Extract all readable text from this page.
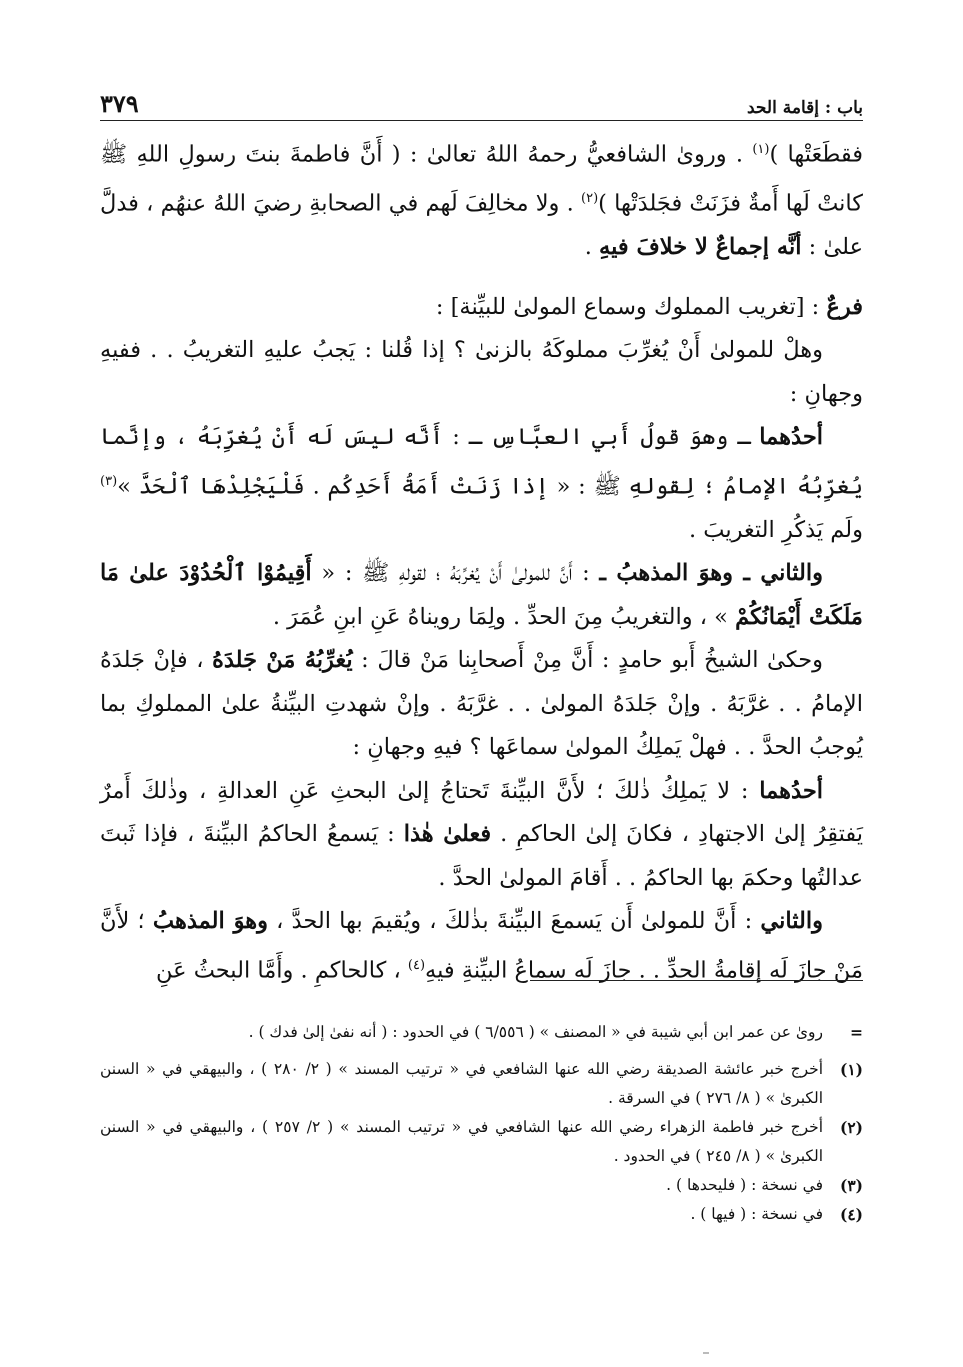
باب : إقامة الحد
٣٧٩

فقطَعَتْها )$^{(١)}$ . وروىٰ الشافعيُّ رحمهُ اللهُ تعالىٰ : ( أَنَّ فاطمةَ بنتَ رسولِ اللهِ ﷺ كانتْ لَها أَمةٌ فزَنَتْ فجَلدَتْها )$^{(٢)}$ . ولا مخالِفَ لَهم في الصحابةِ رضيَ اللهُ عنهُم ، فدلَّ علىٰ : أنَّه إجماعٌ لا خلافَ فيهِ .

فرعٌ : [تغريب المملوك وسماع المولىٰ للبيِّنة] :

وهلْ للمولىٰ أَنْ يُغرِّبَ مملوكَهُ بالزنىٰ ؟ إذا قُلنا : يَجبُ عليهِ التغريبُ . . ففيهِ وجهانِ :

أحدُهما ـ وهوَ قولُ أَبي العبَّاسِ ـ : أَنَّه ليسَ لَه أَنْ يُغرِّبَهُ ، وإنَّما يُغرِّبُهُ الإمامُ ؛ لِقولهِ ﷺ : « إذا زَنَتْ أَمَةُ أَحَدِكُم . فَلْيَجْلِدْهَا ٱلْحَدَّ »$^{(٣)}$ ولَم يَذكُرِ التغريبَ .

والثاني ـ وهوَ المذهبُ ـ : أَنَّ للمولىٰ أَنْ يُغرِّبَهُ ؛ لقولهِ ﷺ : « أَقِيمُوْا ٱلْحُدُوْدَ علىٰ مَا مَلَكَتْ أَيْمَانُكُمْ » ، والتغريبُ مِنَ الحدِّ . ولِمَا رويناهُ عَنِ ابنِ عُمَرَ .

وحكىٰ الشيخُ أَبو حامدٍ : أَنَّ مِنْ أَصحابِنا مَنْ قالَ : يُغرِّبُهُ مَنْ جَلدَهُ ، فإنْ جَلدَهُ الإمامُ . . غرَّبَهُ . وإنْ جَلدَهُ المولىٰ . . غرَّبَهُ . وإنْ شهدتِ البيِّنةُ علىٰ المملوكِ بما يُوجبُ الحدَّ . . فهلْ يَملِكُ المولىٰ سماعَها ؟ فيهِ وجهانِ :

أحدُهما : لا يَملِكُ ذٰلكَ ؛ لأَنَّ البيِّنةَ تَحتاجُ إلىٰ البحثِ عَنِ العدالةِ ، وذٰلكَ أَمرٌ يَفتقِرُ إلىٰ الاجتهادِ ، فكانَ إلىٰ الحاكمِ . فعلىٰ هٰذا : يَسمعُ الحاكمُ البيِّنةَ ، فإذا ثَبتَ عدالتُها وحكمَ بها الحاكمُ . . أَقامَ المولىٰ الحدَّ .

والثاني : أَنَّ للمولىٰ أَن يَسمعَ البيِّنةَ بذٰلكَ ، ويُقيمَ بها الحدَّ ، وهوَ المذهبُ ؛ لأَنَّ مَنْ جازَ لَه إقامةُ الحدِّ . . جازَ لَه سماعُ البيِّنةِ فيهِ$^{(٤)}$ ، كالحاكمِ . وأَمَّا البحثُ عَنِ

=
روىٰ عن عمر ابن أبي شيبة في « المصنف » ( ٦/٥٥٦ ) في الحدود : ( أنه نفىٰ إلىٰ فدك ) .
(١)
أخرج خبر عائشة الصديقة رضي الله عنها الشافعي في « ترتيب المسند » ( ٢/ ٢٨٠ ) ، والبيهقي في « السنن الكبرىٰ » ( ٨/ ٢٧٦ ) في السرقة .
(٢)
أخرج خبر فاطمة الزهراء رضي الله عنها الشافعي في « ترتيب المسند » ( ٢/ ٢٥٧ ) ، والبيهقي في « السنن الكبرىٰ » ( ٨/ ٢٤٥ ) في الحدود .
(٣)
في نسخة : ( فليحدها ) .
(٤)
في نسخة : ( فيها ) .
